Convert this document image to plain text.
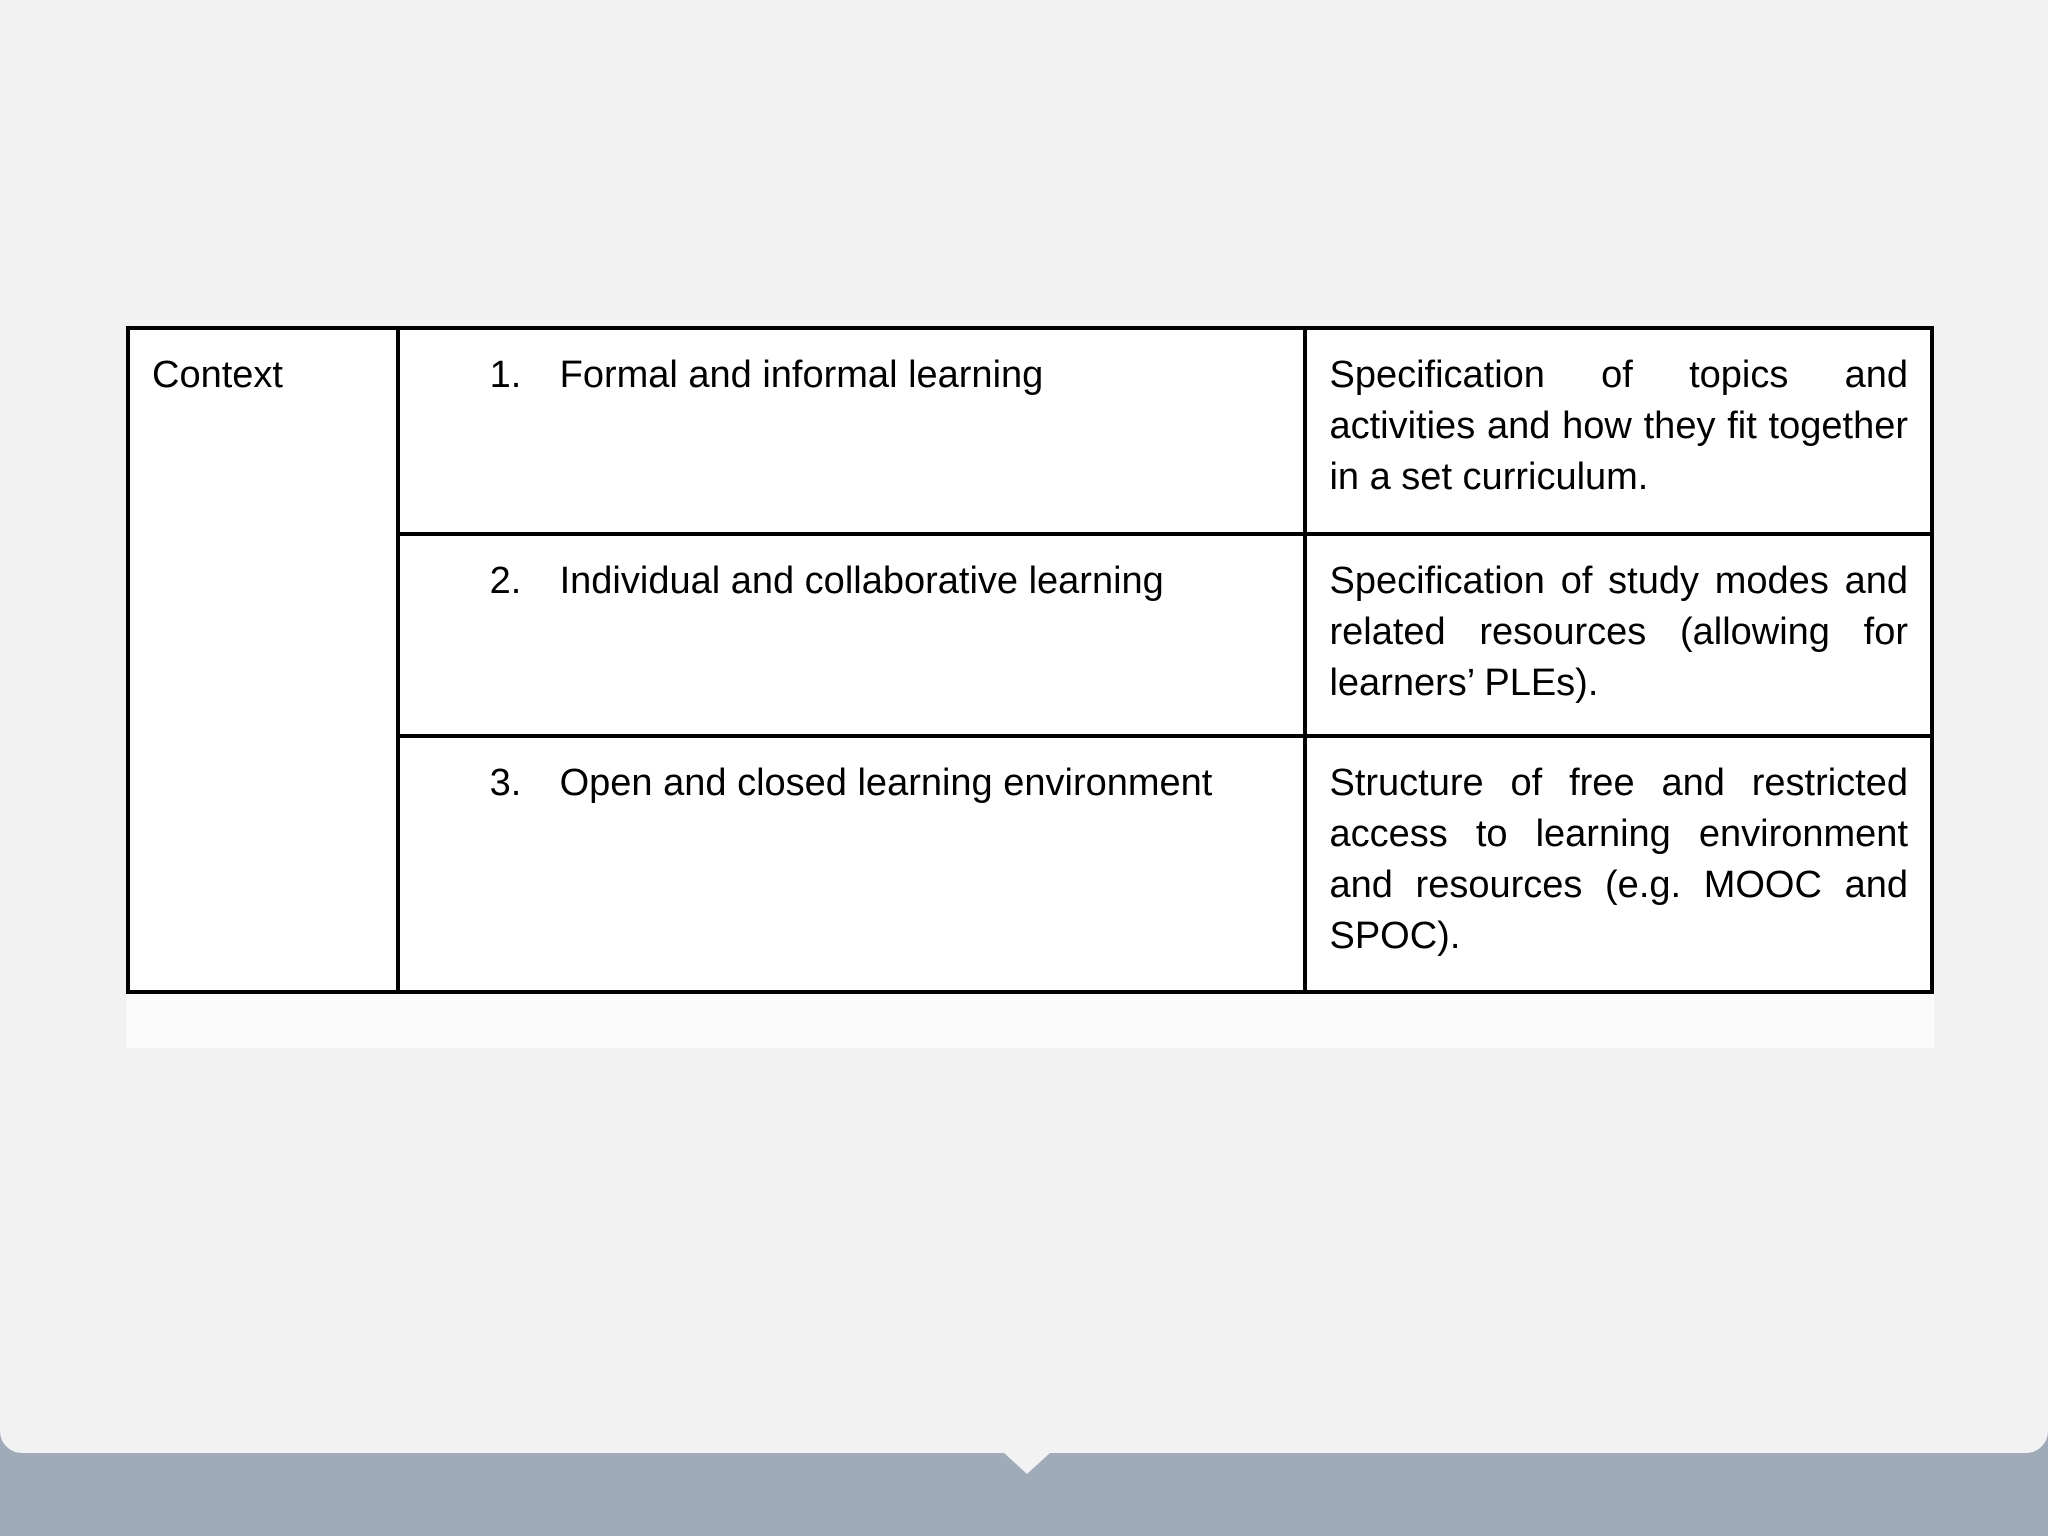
Context	1. Formal and informal learning	Specification of topics and activities and how they fit together in a set curriculum.

	2. Individual and collaborative learning	Specification of study modes and related resources (allowing for learners’ PLEs).

	3. Open and closed learning environment	Structure of free and restricted access to learning environment and resources (e.g. MOOC and SPOC).
